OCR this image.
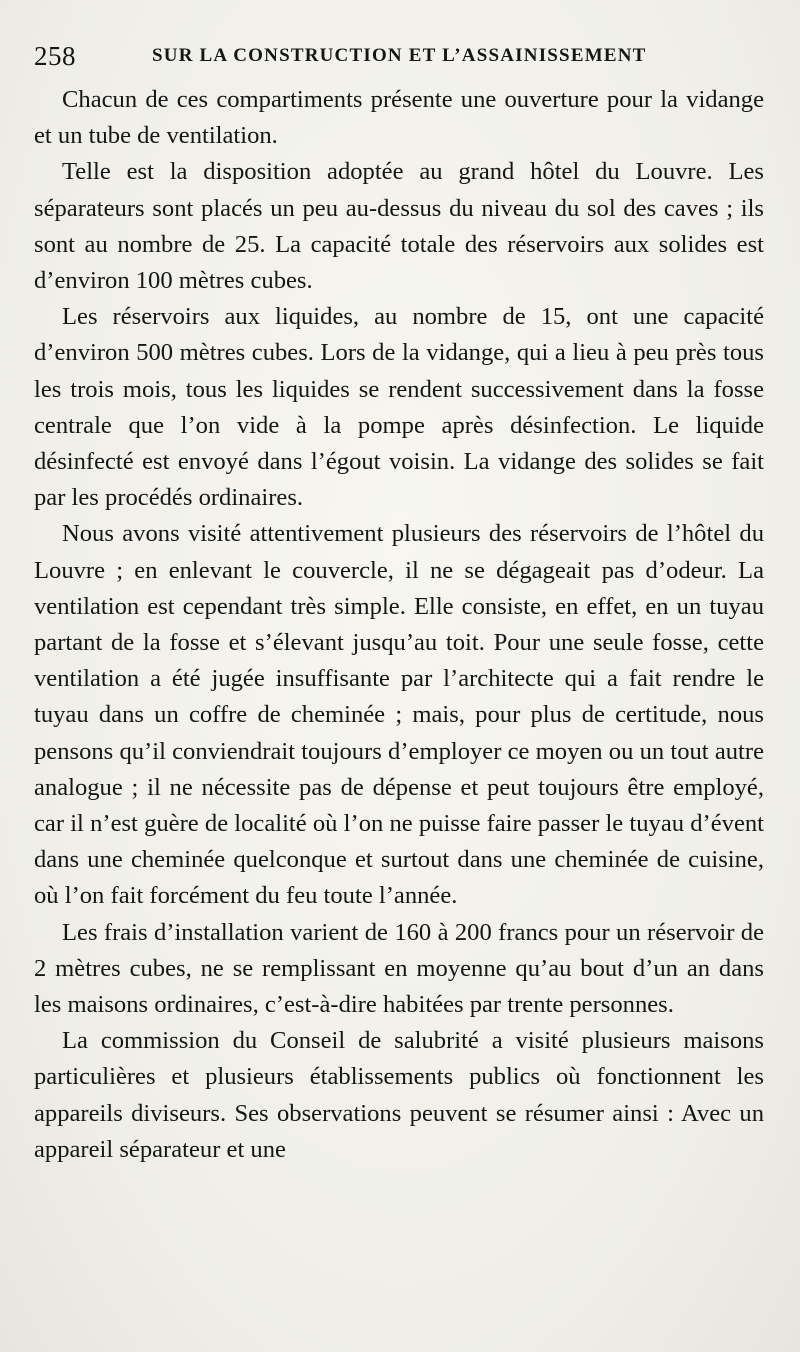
258	SUR LA CONSTRUCTION ET L’ASSAINISSEMENT

Chacun de ces compartiments présente une ouverture pour la vidange et un tube de ventilation.

Telle est la disposition adoptée au grand hôtel du Louvre. Les séparateurs sont placés un peu au-dessus du niveau du sol des caves ; ils sont au nombre de 25. La capacité totale des réservoirs aux solides est d’environ 100 mètres cubes.

Les réservoirs aux liquides, au nombre de 15, ont une capacité d’environ 500 mètres cubes. Lors de la vidange, qui a lieu à peu près tous les trois mois, tous les liquides se rendent successivement dans la fosse centrale que l’on vide à la pompe après désinfection. Le liquide désinfecté est envoyé dans l’égout voisin. La vidange des solides se fait par les procédés ordinaires.

Nous avons visité attentivement plusieurs des réservoirs de l’hôtel du Louvre ; en enlevant le couvercle, il ne se dégageait pas d’odeur. La ventilation est cependant très simple. Elle consiste, en effet, en un tuyau partant de la fosse et s’élevant jusqu’au toit. Pour une seule fosse, cette ventilation a été jugée insuffisante par l’architecte qui a fait rendre le tuyau dans un coffre de cheminée ; mais, pour plus de certitude, nous pensons qu’il conviendrait toujours d’employer ce moyen ou un tout autre analogue ; il ne nécessite pas de dépense et peut toujours être employé, car il n’est guère de localité où l’on ne puisse faire passer le tuyau d’évent dans une cheminée quelconque et surtout dans une cheminée de cuisine, où l’on fait forcément du feu toute l’année.

Les frais d’installation varient de 160 à 200 francs pour un réservoir de 2 mètres cubes, ne se remplissant en moyenne qu’au bout d’un an dans les maisons ordinaires, c’est-à-dire habitées par trente personnes.

La commission du Conseil de salubrité a visité plusieurs maisons particulières et plusieurs établissements publics où fonctionnent les appareils diviseurs. Ses observations peuvent se résumer ainsi : Avec un appareil séparateur et une
